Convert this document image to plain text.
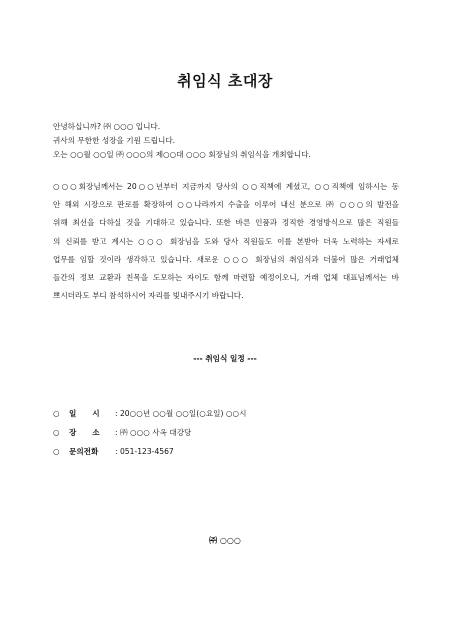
취임식 초대장
안녕하십니까? ㈜ ○○○ 입니다.
귀사의 무한한 성장을 기원 드립니다.
오는 ○○월 ○○일 ㈜ ○○○의 제○○대 ○○○ 회장님의 취임식을 개최합니다.
○○○회장님께서는 20○○년부터 지금까지 당사의 ○○직책에 계셨고, ○○직책에 임하시는 동
안 해외 시장으로 판로를 확장하여 ○○나라까지 수출을 이루어 내신 분으로 ㈜ ○○○의 발전을
위해 최선을 다하실 것을 기대하고 있습니다. 또한 바른 인품과 정직한 경영방식으로 많은 직원들
의 신뢰를 받고 계시는 ○○○ 회장님을 도와 당사 직원들도 이를 본받아 더욱 노력하는 자세로
업무를 임할 것이라 생각하고 있습니다. 새로운 ○○○ 회장님의 취임식과 더불어 많은 거래업체
들간의 정보 교환과 친목을 도모하는 자이도 함께 마련할 예정이오니, 거래 업체 대표님께서는 바
쁘시더라도 부디 참석하시어 자리를 빛내주시기 바랍니다.
--- 취임식 일정 ---
○	일      시	: 20○○년 ○○월 ○○일(○요일) ○○시
○	장      소	: ㈜ ○○○ 사옥 대강당
○	문의전화	: 051-123-4567
㈜ ○○○
